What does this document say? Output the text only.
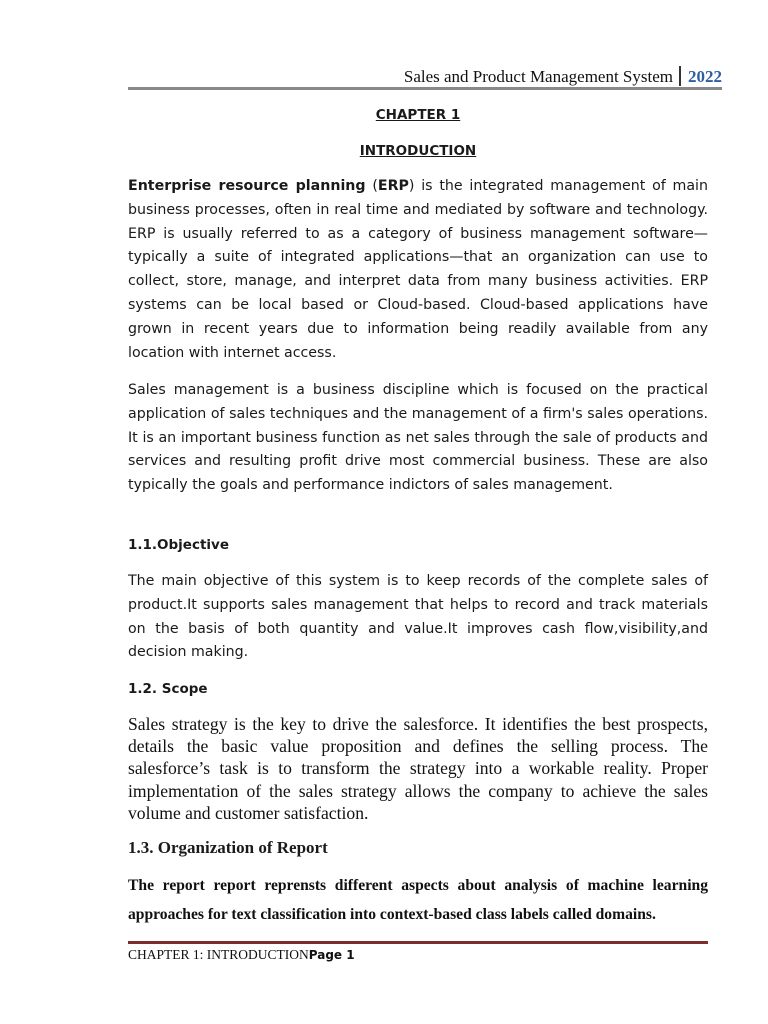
Sales and Product Management System 2022
CHAPTER 1
INTRODUCTION

Enterprise resource planning (ERP) is the integrated management of main business processes, often in real time and mediated by software and technology. ERP is usually referred to as a category of business management software—typically a suite of integrated applications—that an organization can use to collect, store, manage, and interpret data from many business activities. ERP systems can be local based or Cloud-based. Cloud-based applications have grown in recent years due to information being readily available from any location with internet access.

Sales management is a business discipline which is focused on the practical application of sales techniques and the management of a firm's sales operations. It is an important business function as net sales through the sale of products and services and resulting profit drive most commercial business. These are also typically the goals and performance indictors of sales management.

1.1.Objective

The main objective of this system is to keep records of the complete sales of product.It supports sales management that helps to record and track materials on the basis of both quantity and value.It improves cash flow,visibility,and decision making.

1.2. Scope

Sales strategy is the key to drive the salesforce. It identifies the best prospects, details the basic value proposition and defines the selling process. The salesforce’s task is to transform the strategy into a workable reality. Proper implementation of the sales strategy allows the company to achieve the sales volume and customer satisfaction.

1.3. Organization of Report

The report report reprensts different aspects about analysis of machine learning approaches for text classification into context-based class labels called domains.

CHAPTER 1: INTRODUCTIONPage 1
